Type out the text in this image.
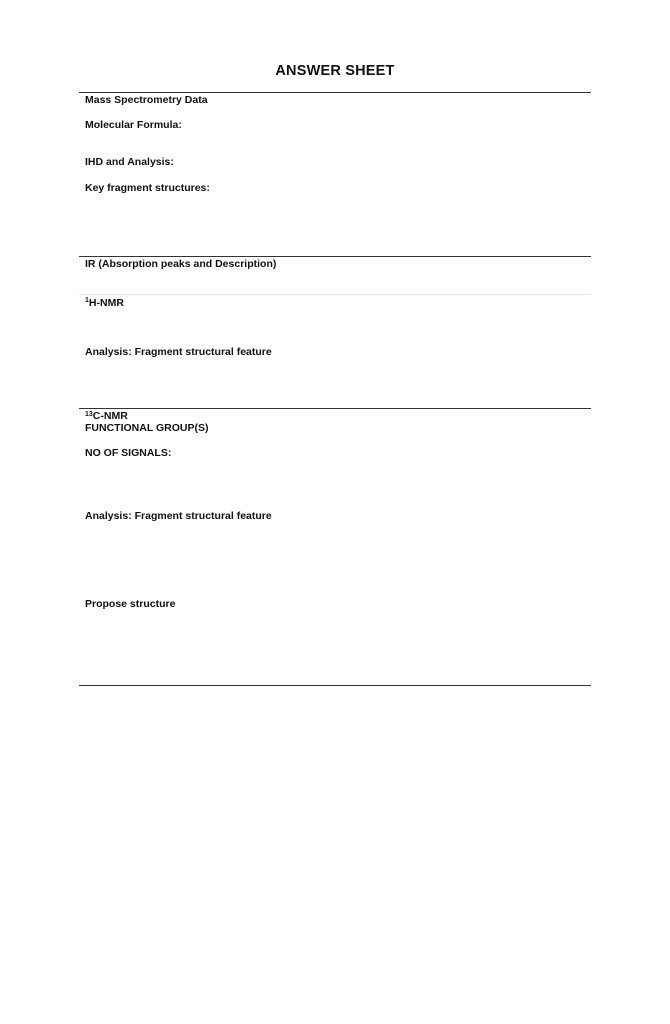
ANSWER SHEET
Mass Spectrometry Data
Molecular Formula:
IHD and Analysis:
Key fragment structures:
IR (Absorption peaks and Description)
$^1$H-NMR
Analysis: Fragment structural feature
$^{13}$C-NMR
FUNCTIONAL GROUP(S)
NO OF SIGNALS:
Analysis: Fragment structural feature
Propose structure
